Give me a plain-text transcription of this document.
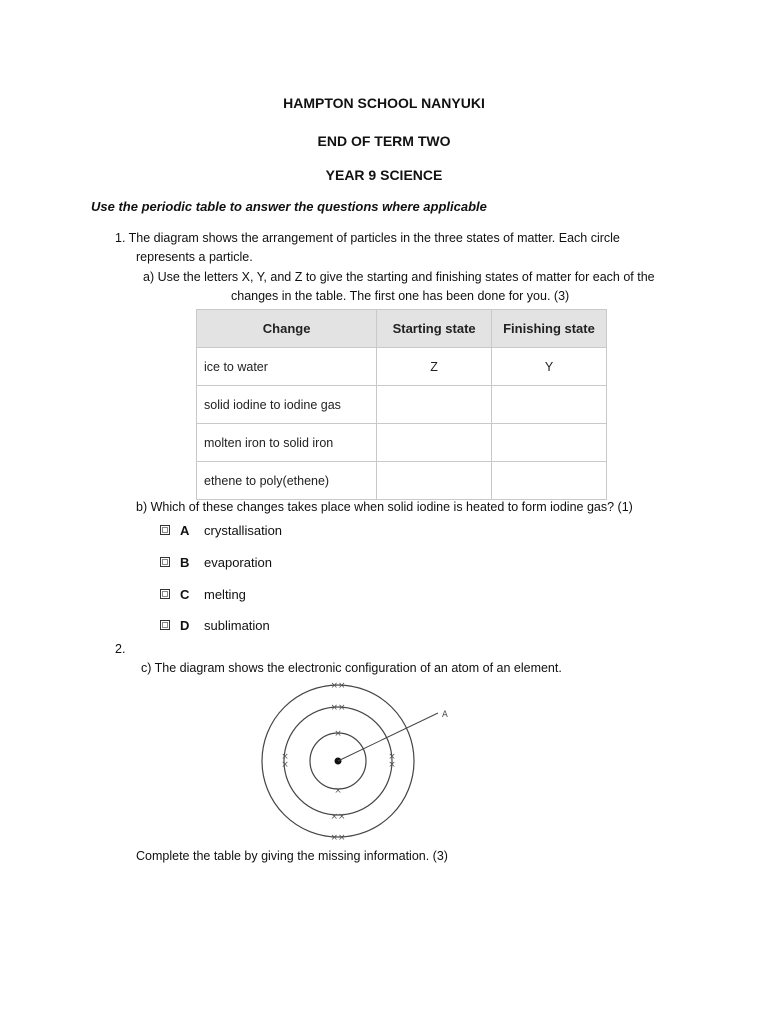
HAMPTON SCHOOL NANYUKI
END OF TERM TWO
YEAR 9 SCIENCE
Use the periodic table to answer the questions where applicable
1. The diagram shows the arrangement of particles in the three states of matter. Each circle
represents a particle.
a) Use the letters X, Y, and Z to give the starting and finishing states of matter for each of the
changes in the table. The first one has been done for you. (3)
Change	Starting state	Finishing state
ice to water	Z	Y
solid iodine to iodine gas		
molten iron to solid iron		
ethene to poly(ethene)		
b) Which of these changes takes place when solid iodine is heated to form iodine gas? (1)
A	crystallisation
B	evaporation
C	melting
D	sublimation
2.
c) The diagram shows the electronic configuration of an atom of an element.
×
×
××
××
×
×
×
×
××
××
A
Complete the table by giving the missing information. (3)
